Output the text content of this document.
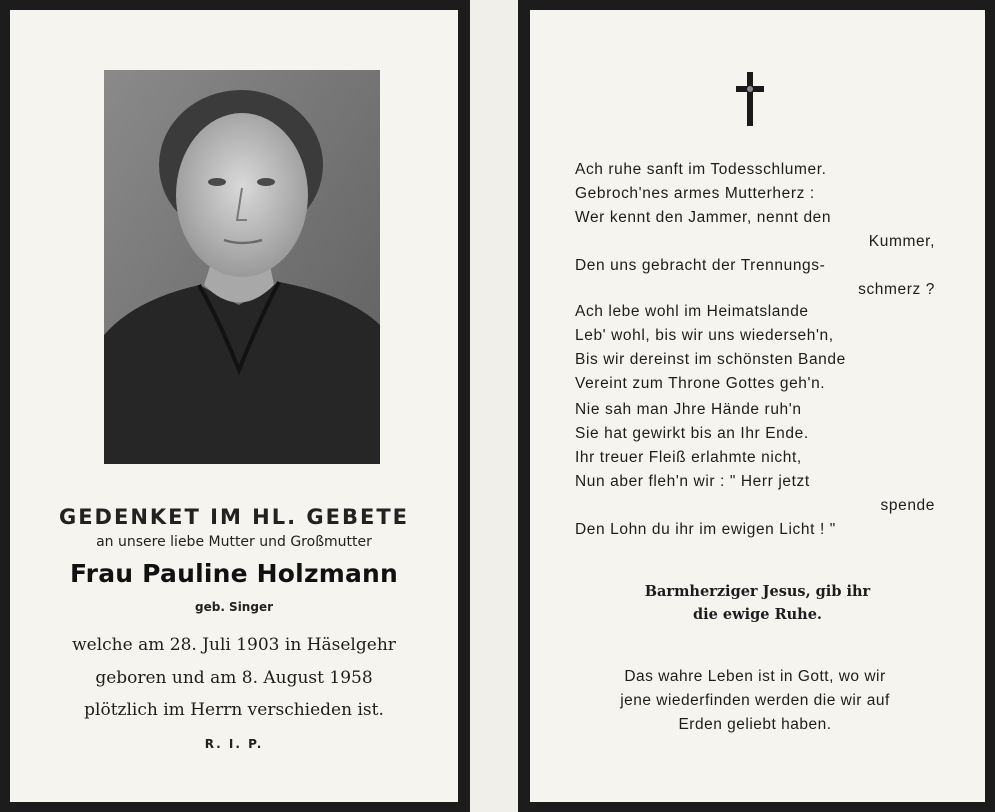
GEDENKET IM HL. GEBETE
an unsere liebe Mutter und Großmutter
Frau Pauline Holzmann
geb. Singer
welche am 28. Juli 1903 in Häselgehr
geboren und am 8. August 1958
plötzlich im Herrn verschieden ist.
R. I. P.
Ach ruhe sanft im Todesschlumer.
Gebroch'nes armes Mutterherz :
Wer kennt den Jammer, nennt den
Kummer,
Den uns gebracht der Trennungs-
schmerz ?
Ach lebe wohl im Heimatslande
Leb' wohl, bis wir uns wiederseh'n,
Bis wir dereinst im schönsten Bande
Vereint zum Throne Gottes geh'n.
Nie sah man Jhre Hände ruh'n
Sie hat gewirkt bis an Ihr Ende.
Ihr treuer Fleiß erlahmte nicht,
Nun aber fleh'n wir : " Herr jetzt
spende
Den Lohn du ihr im ewigen Licht ! "
Barmherziger Jesus, gib ihr
die ewige Ruhe.
Das wahre Leben ist in Gott, wo wir
jene wiederfinden werden die wir auf
Erden geliebt haben.
